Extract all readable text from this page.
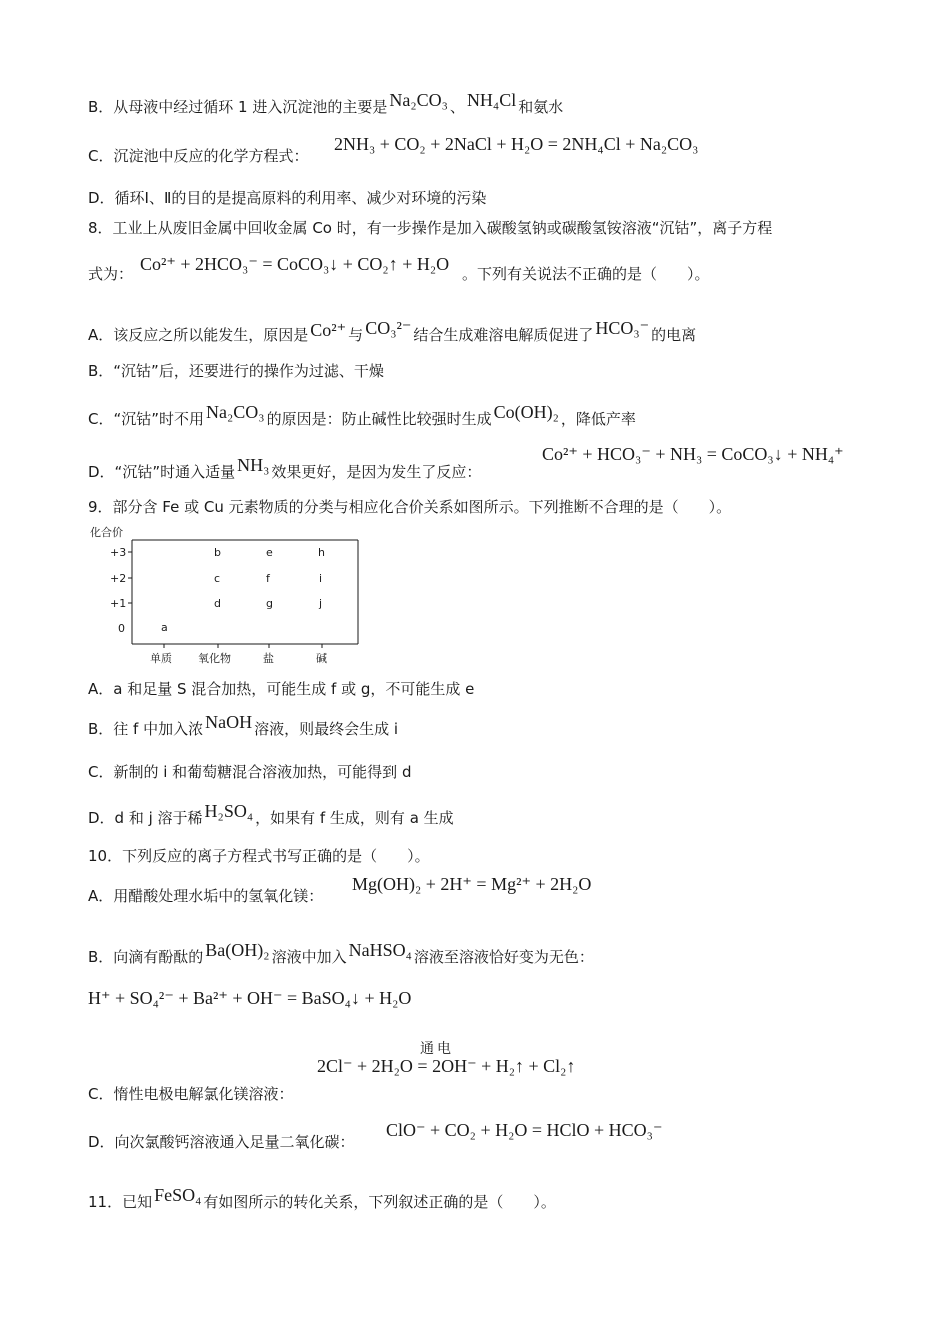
B．从母液中经过循环 1 进入沉淀池的主要是 Na₂CO₃ 、 NH₄Cl 和氨水
C．沉淀池中反应的化学方程式：
2NH₃ + CO₂ + 2NaCl + H₂O = 2NH₄Cl + Na₂CO₃
D．循环Ⅰ、Ⅱ的目的是提高原料的利用率、减少对环境的污染
8．工业上从废旧金属中回收金属 Co 时，有一步操作是加入碳酸氢钠或碳酸氢铵溶液“沉钴”，离子方程
式为： Co²⁺ + 2HCO₃⁻ = CoCO₃↓ + CO₂↑ + H₂O 。下列有关说法不正确的是（　　）。
A．该反应之所以能发生，原因是 Co²⁺ 与 CO₃²⁻ 结合生成难溶电解质促进了 HCO₃⁻ 的电离
B．“沉钴”后，还要进行的操作为过滤、干燥
C．“沉钴”时不用 Na₂CO₃ 的原因是：防止碱性比较强时生成 Co(OH)₂ ，降低产率
D．“沉钴”时通入适量 NH₃ 效果更好，是因为发生了反应：
Co²⁺ + HCO₃⁻ + NH₃ = CoCO₃↓ + NH₄⁺
9．部分含 Fe 或 Cu 元素物质的分类与相应化合价关系如图所示。下列推断不合理的是（　　）。
化合价
+3
+2
+1
0
单质 氧化物	盐	碱
a
b
c
d
e
f
g
h
i
j
A．a 和足量 S 混合加热，可能生成 f 或 g，不可能生成 e
B．往 f 中加入浓 NaOH 溶液，则最终会生成 i
C．新制的 i 和葡萄糖混合溶液加热，可能得到 d
D．d 和 j 溶于稀 H₂SO₄ ，如果有 f 生成，则有 a 生成
10．下列反应的离子方程式书写正确的是（　　）。
A．用醋酸处理水垢中的氢氧化镁：
Mg(OH)₂ + 2H⁺ = Mg²⁺ + 2H₂O
B．向滴有酚酞的 Ba(OH)₂ 溶液中加入 NaHSO₄ 溶液至溶液恰好变为无色：
H⁺ + SO₄²⁻ + Ba²⁺ + OH⁻ = BaSO₄↓ + H₂O
通电
2Cl⁻ + 2H₂O = 2OH⁻ + H₂↑ + Cl₂↑
C．惰性电极电解氯化镁溶液：
D．向次氯酸钙溶液通入足量二氧化碳：
ClO⁻ + CO₂ + H₂O = HClO + HCO₃⁻
11．已知 FeSO₄ 有如图所示的转化关系，下列叙述正确的是（　　）。
